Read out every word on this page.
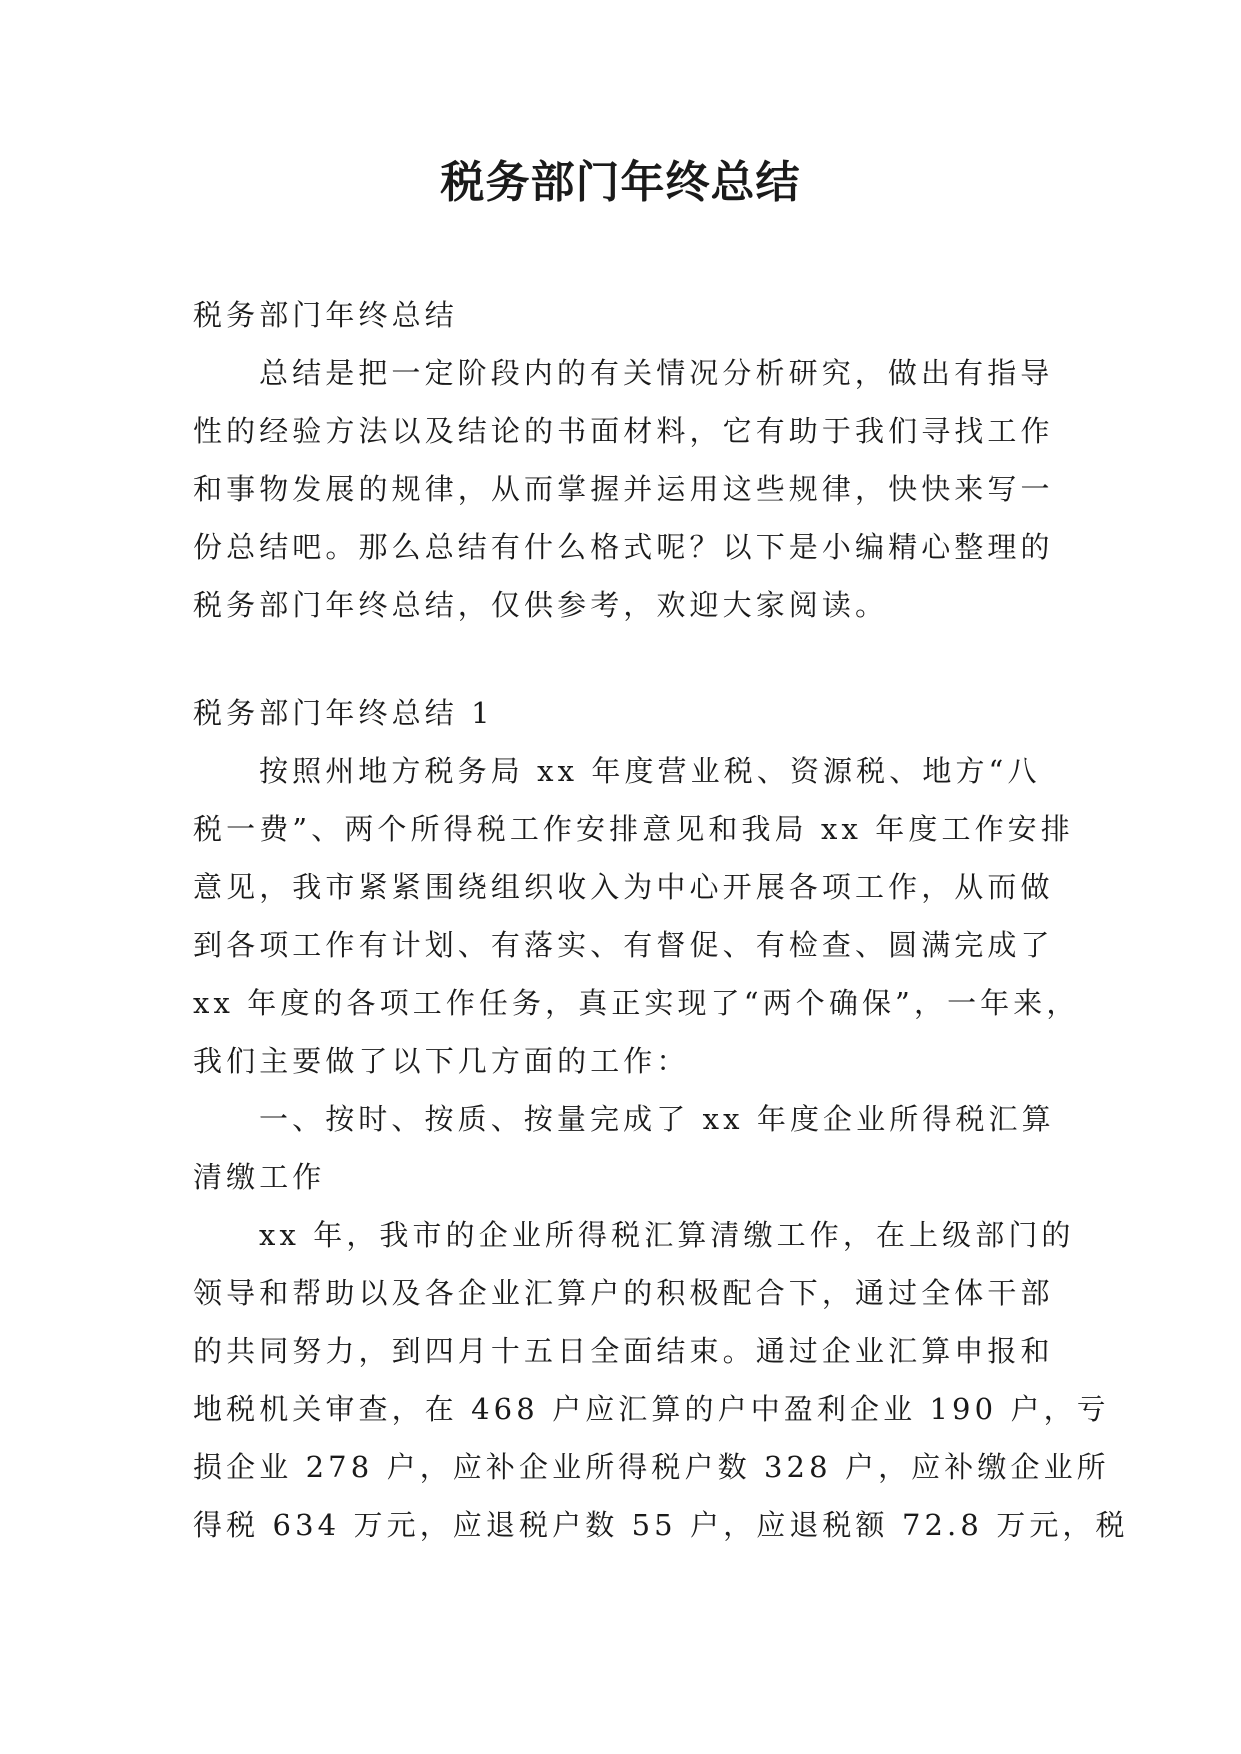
税务部门年终总结
税务部门年终总结
总结是把一定阶段内的有关情况分析研究，做出有指导
性的经验方法以及结论的书面材料，它有助于我们寻找工作
和事物发展的规律，从而掌握并运用这些规律，快快来写一
份总结吧。那么总结有什么格式呢？以下是小编精心整理的
税务部门年终总结，仅供参考，欢迎大家阅读。
税务部门年终总结 1
按照州地方税务局 xx 年度营业税、资源税、地方“八
税一费”、两个所得税工作安排意见和我局 xx 年度工作安排
意见，我市紧紧围绕组织收入为中心开展各项工作，从而做
到各项工作有计划、有落实、有督促、有检查、圆满完成了
xx 年度的各项工作任务，真正实现了“两个确保”，一年来，
我们主要做了以下几方面的工作：
一、按时、按质、按量完成了 xx 年度企业所得税汇算
清缴工作
xx 年，我市的企业所得税汇算清缴工作，在上级部门的
领导和帮助以及各企业汇算户的积极配合下，通过全体干部
的共同努力，到四月十五日全面结束。通过企业汇算申报和
地税机关审查，在 468 户应汇算的户中盈利企业 190 户，亏
损企业 278 户，应补企业所得税户数 328 户，应补缴企业所
得税 634 万元，应退税户数 55 户，应退税额 72.8 万元，税
